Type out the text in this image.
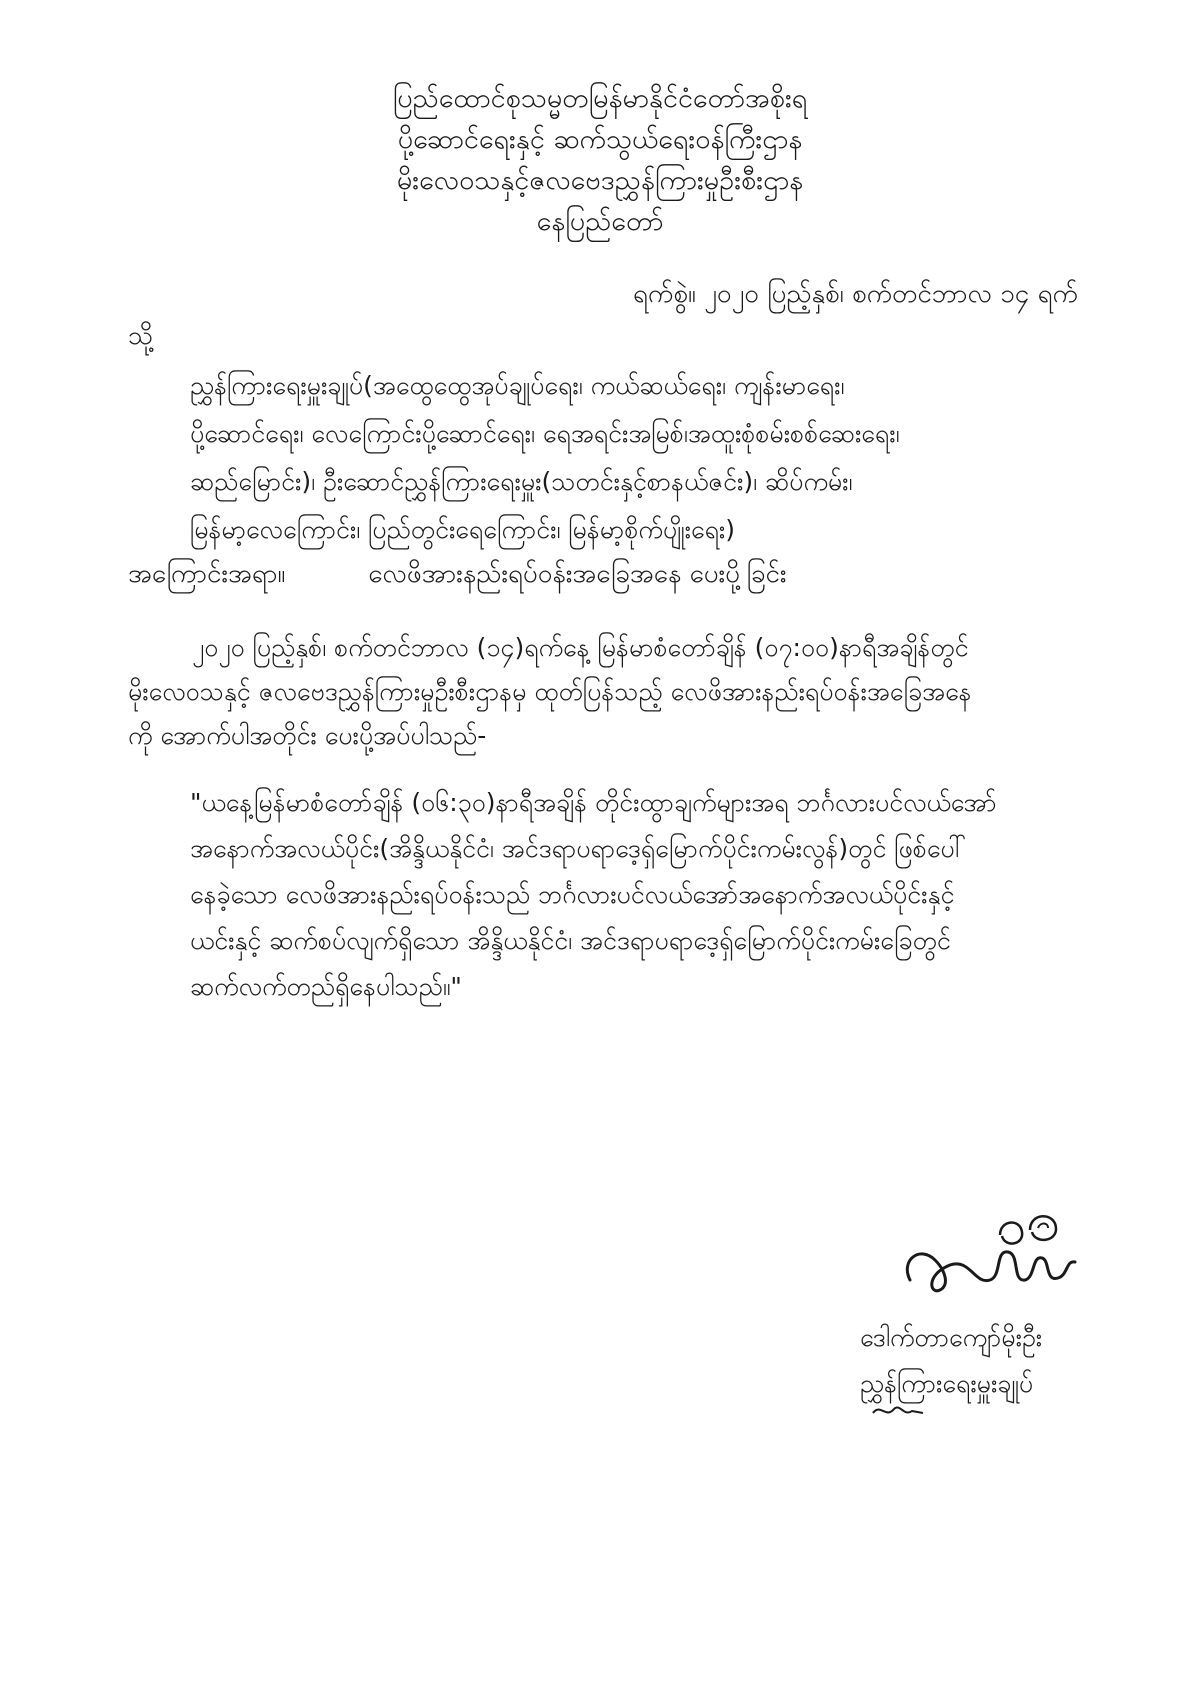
ပြည်ထောင်စုသမ္မတမြန်မာနိုင်ငံတော်အစိုးရ
ပို့ဆောင်ရေးနှင့် ဆက်သွယ်ရေးဝန်ကြီးဌာန
မိုးလေဝသနှင့်ဇလဗေဒညွှန်ကြားမှုဦးစီးဌာန
နေပြည်တော်
ရက်စွဲ။ ၂၀၂၀ ပြည့်နှစ်၊ စက်တင်ဘာလ ၁၄ ရက်
သို့
ညွှန်ကြားရေးမှူးချုပ်(အထွေထွေအုပ်ချုပ်ရေး၊ ကယ်ဆယ်ရေး၊ ကျန်းမာရေး၊
ပို့ဆောင်ရေး၊ လေကြောင်းပို့ဆောင်ရေး၊ ရေအရင်းအမြစ်၊အထူးစုံစမ်းစစ်ဆေးရေး၊
ဆည်မြောင်း)၊ ဦးဆောင်ညွှန်ကြားရေးမှူး(သတင်းနှင့်စာနယ်ဇင်း)၊ ဆိပ်ကမ်း၊
မြန်မာ့လေကြောင်း၊ ပြည်တွင်းရေကြောင်း၊ မြန်မာ့စိုက်ပျိုးရေး)
အကြောင်းအရာ။	လေဖိအားနည်းရပ်ဝန်းအခြေအနေ ပေးပို့ခြင်း
၂၀၂၀ ပြည့်နှစ်၊ စက်တင်ဘာလ (၁၄)ရက်နေ့ မြန်မာစံတော်ချိန် (၀၇:၀၀)နာရီအချိန်တွင်
မိုးလေဝသနှင့် ဇလဗေဒညွှန်ကြားမှုဦးစီးဌာနမှ ထုတ်ပြန်သည့် လေဖိအားနည်းရပ်ဝန်းအခြေအနေ
ကို အောက်ပါအတိုင်း ပေးပို့အပ်ပါသည်-
"ယနေ့မြန်မာစံတော်ချိန် (၀၆:၃၀)နာရီအချိန် တိုင်းထွာချက်များအရ ဘင်္ဂလားပင်လယ်အော်
အနောက်အလယ်ပိုင်း(အိန္ဒိယနိုင်ငံ၊ အင်ဒရာပရာဒေ့ရှ်မြောက်ပိုင်းကမ်းလွန်)တွင် ဖြစ်ပေါ်
နေခဲ့သော လေဖိအားနည်းရပ်ဝန်းသည် ဘင်္ဂလားပင်လယ်အော်အနောက်အလယ်ပိုင်းနှင့်
ယင်းနှင့် ဆက်စပ်လျက်ရှိသော အိန္ဒိယနိုင်ငံ၊ အင်ဒရာပရာဒေ့ရှ်မြောက်ပိုင်းကမ်းခြေတွင်
ဆက်လက်တည်ရှိနေပါသည်။"
ဒေါက်တာကျော်မိုးဦး
ညွှန်ကြားရေးမှူးချုပ်
